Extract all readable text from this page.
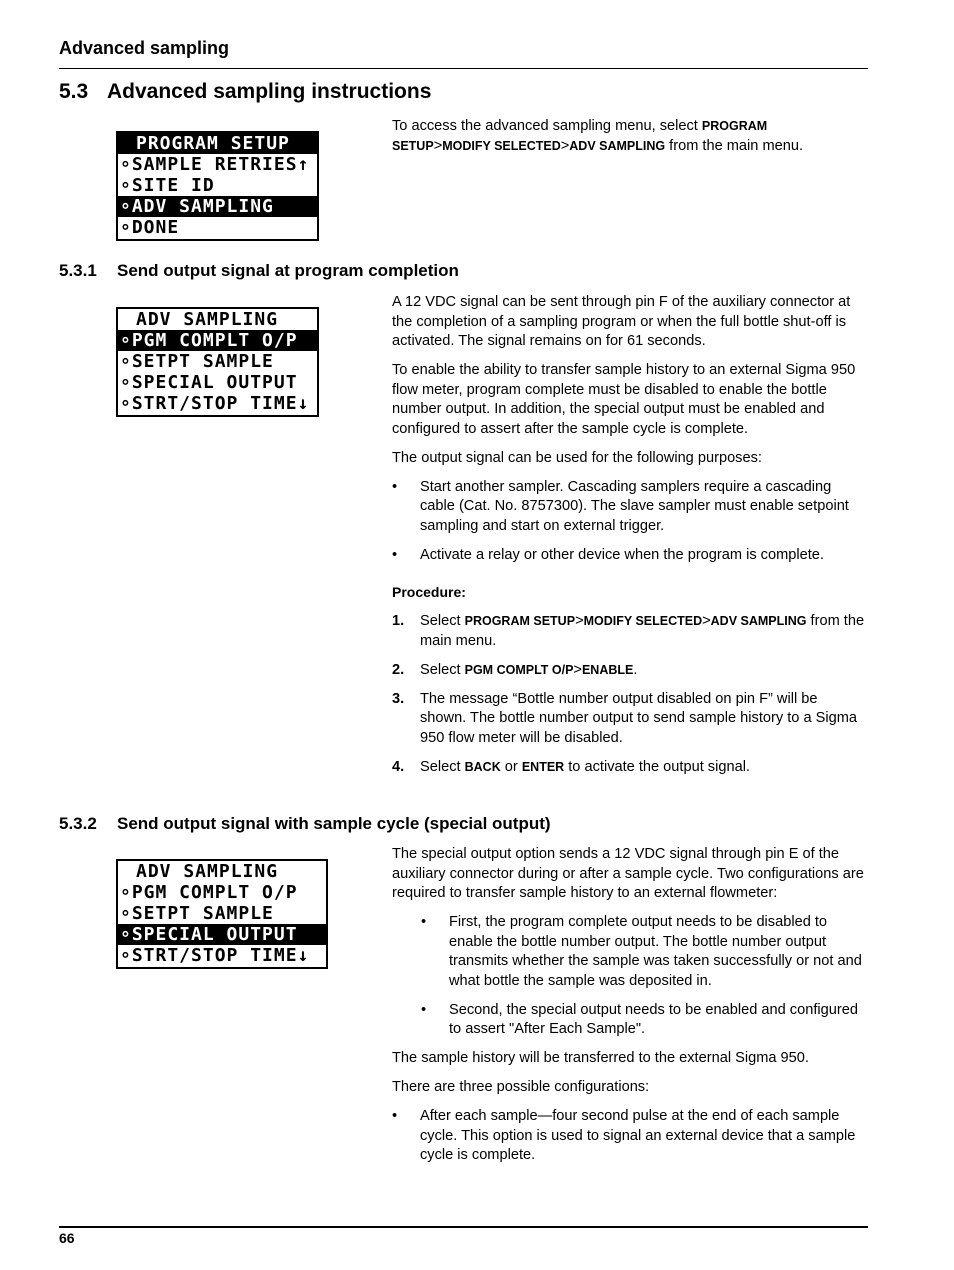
Advanced sampling
5.3 Advanced sampling instructions
PROGRAM SETUP
∘SAMPLE RETRIES↑
∘SITE ID
∘ADV SAMPLING
∘DONE

To access the advanced sampling menu, select PROGRAM SETUP>MODIFY SELECTED>ADV SAMPLING from the main menu.

5.3.1 Send output signal at program completion
ADV SAMPLING
∘PGM COMPLT O/P
∘SETPT SAMPLE
∘SPECIAL OUTPUT
∘STRT/STOP TIME↓

A 12 VDC signal can be sent through pin F of the auxiliary connector at the completion of a sampling program or when the full bottle shut-off is activated. The signal remains on for 61 seconds.

To enable the ability to transfer sample history to an external Sigma 950 flow meter, program complete must be disabled to enable the bottle number output. In addition, the special output must be enabled and configured to assert after the sample cycle is complete.

The output signal can be used for the following purposes:

• Start another sampler. Cascading samplers require a cascading cable (Cat. No. 8757300). The slave sampler must enable setpoint sampling and start on external trigger.
• Activate a relay or other device when the program is complete.
Procedure:
1. Select PROGRAM SETUP>MODIFY SELECTED>ADV SAMPLING from the main menu.
2. Select PGM COMPLT O/P>ENABLE.
3. The message “Bottle number output disabled on pin F” will be shown. The bottle number output to send sample history to a Sigma 950 flow meter will be disabled.
4. Select BACK or ENTER to activate the output signal.
5.3.2 Send output signal with sample cycle (special output)
ADV SAMPLING
∘PGM COMPLT O/P
∘SETPT SAMPLE
∘SPECIAL OUTPUT
∘STRT/STOP TIME↓

The special output option sends a 12 VDC signal through pin E of the auxiliary connector during or after a sample cycle. Two configurations are required to transfer sample history to an external flowmeter:

• First, the program complete output needs to be disabled to enable the bottle number output. The bottle number output transmits whether the sample was taken successfully or not and what bottle the sample was deposited in.
• Second, the special output needs to be enabled and configured to assert "After Each Sample".

The sample history will be transferred to the external Sigma 950.

There are three possible configurations:

• After each sample—four second pulse at the end of each sample cycle. This option is used to signal an external device that a sample cycle is complete.
66
